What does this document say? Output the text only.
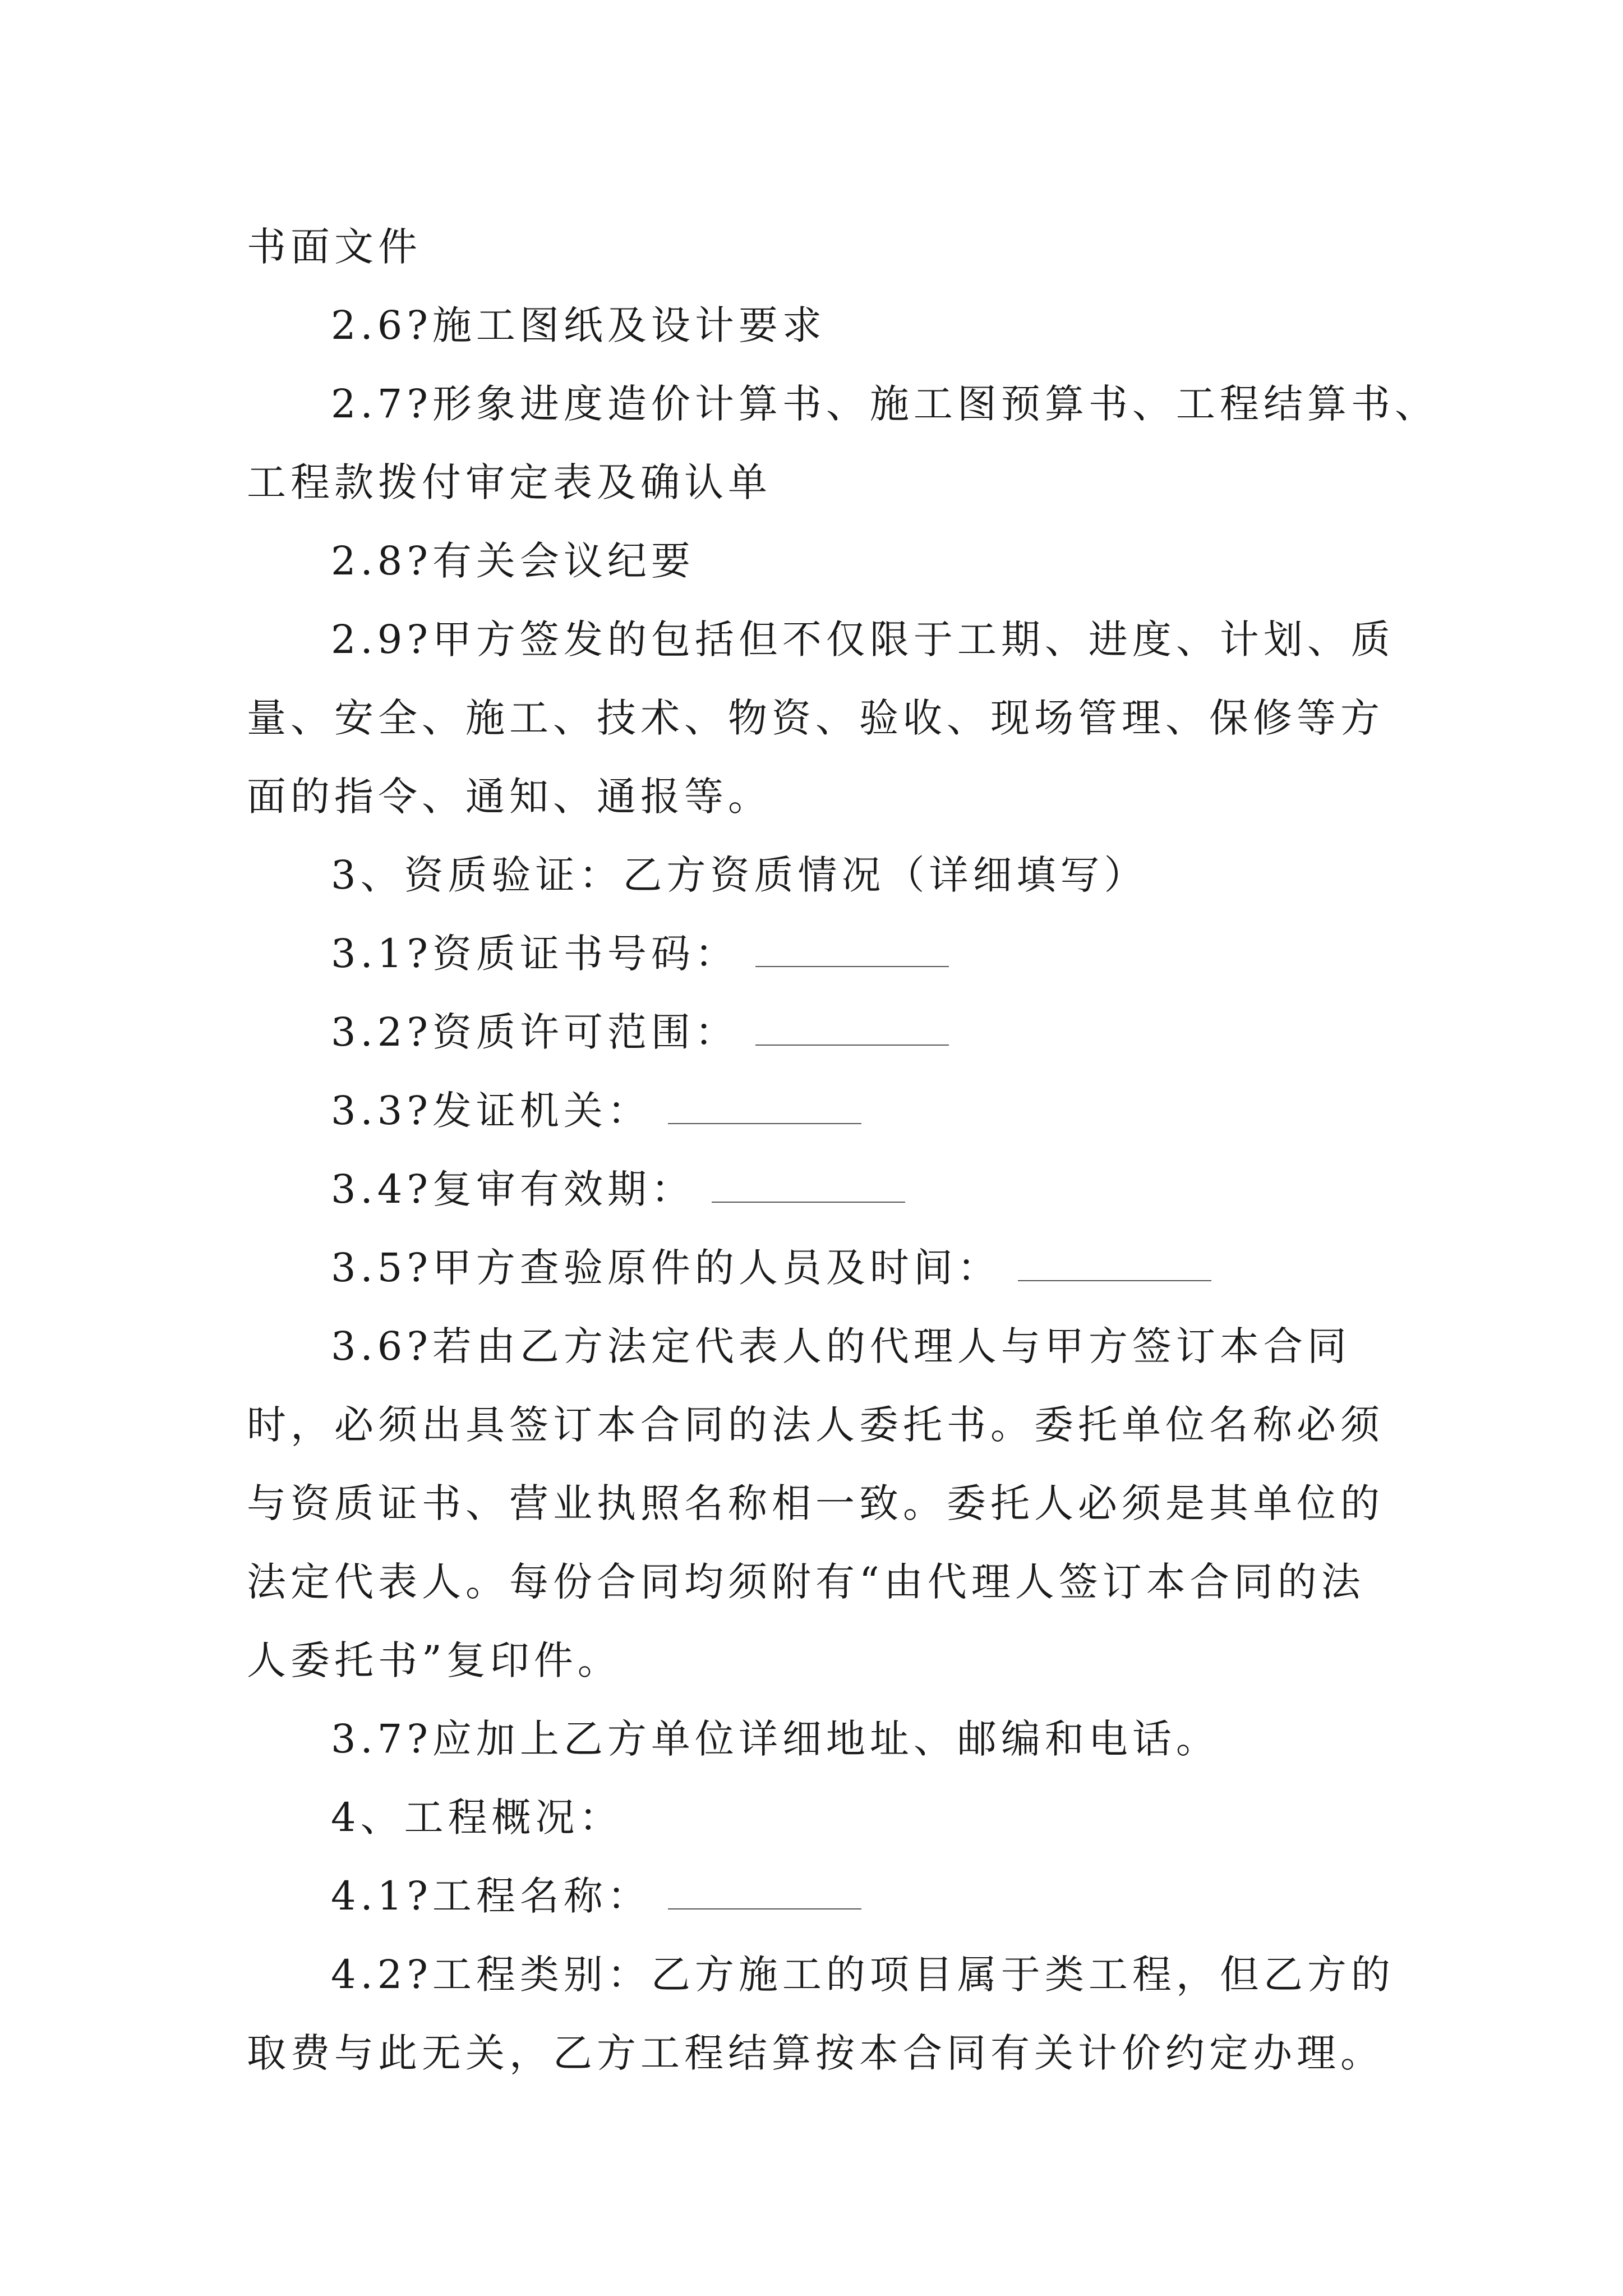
书面文件
2.6?施工图纸及设计要求
2.7?形象进度造价计算书、施工图预算书、工程结算书、
工程款拨付审定表及确认单
2.8?有关会议纪要
2.9?甲方签发的包括但不仅限于工期、进度、计划、质
量、安全、施工、技术、物资、验收、现场管理、保修等方
面的指令、通知、通报等。
3、资质验证：乙方资质情况（详细填写）
3.1?资质证书号码：
3.2?资质许可范围：
3.3?发证机关：
3.4?复审有效期：
3.5?甲方查验原件的人员及时间：
3.6?若由乙方法定代表人的代理人与甲方签订本合同
时，必须出具签订本合同的法人委托书。委托单位名称必须
与资质证书、营业执照名称相一致。委托人必须是其单位的
法定代表人。每份合同均须附有“由代理人签订本合同的法
人委托书”复印件。
3.7?应加上乙方单位详细地址、邮编和电话。
4、工程概况：
4.1?工程名称：
4.2?工程类别：乙方施工的项目属于类工程，但乙方的
取费与此无关，乙方工程结算按本合同有关计价约定办理。
